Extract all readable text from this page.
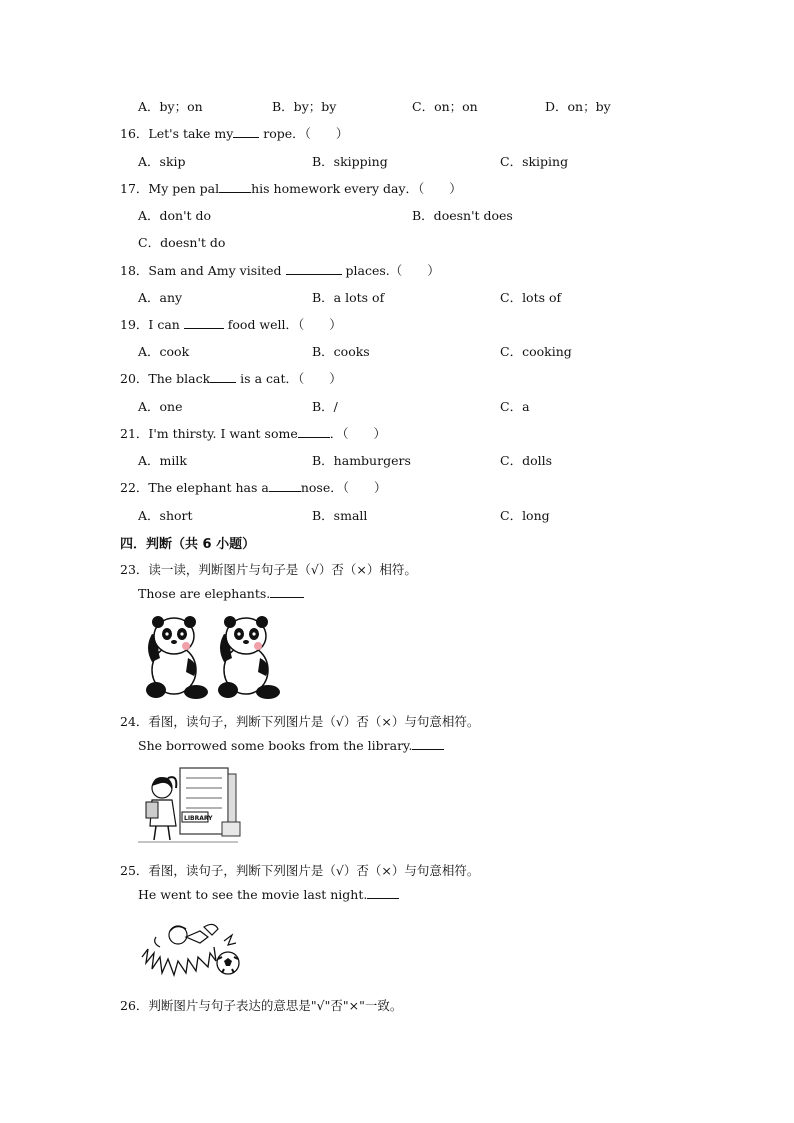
A．by；on	B．by；by	C．on；on	D．on；by
16．Let's take my rope．（　　）
A．skip	B．skipping	C．skiping
17．My pen pal	his homework every day．（　　）
A．don't do	B．doesn't does
C．doesn't do
18．Sam and Amy visited	places.（　　）
A．any	B．a lots of	C．lots of
19．I can	food well．（　　）
A．cook	B．cooks	C．cooking
20．The black is a cat．（　　）
A．one	B．/	C．a
21．I'm thirsty. I want some	．（　　）
A．milk	B．hamburgers	C．dolls
22．The elephant has a	nose．（　　）
A．short	B．small	C．long
四．判断（共 6 小题）
23．读一读，判断图片与句子是（√）否（×）相符。
Those are elephants.
24．看图，读句子，判断下列图片是（√）否（×）与句意相符。
She borrowed some books from the library.
LIBRARY
25．看图，读句子，判断下列图片是（√）否（×）与句意相符。
He went to see the movie last night.
26．判断图片与句子表达的意思是"√"否"×"一致。
